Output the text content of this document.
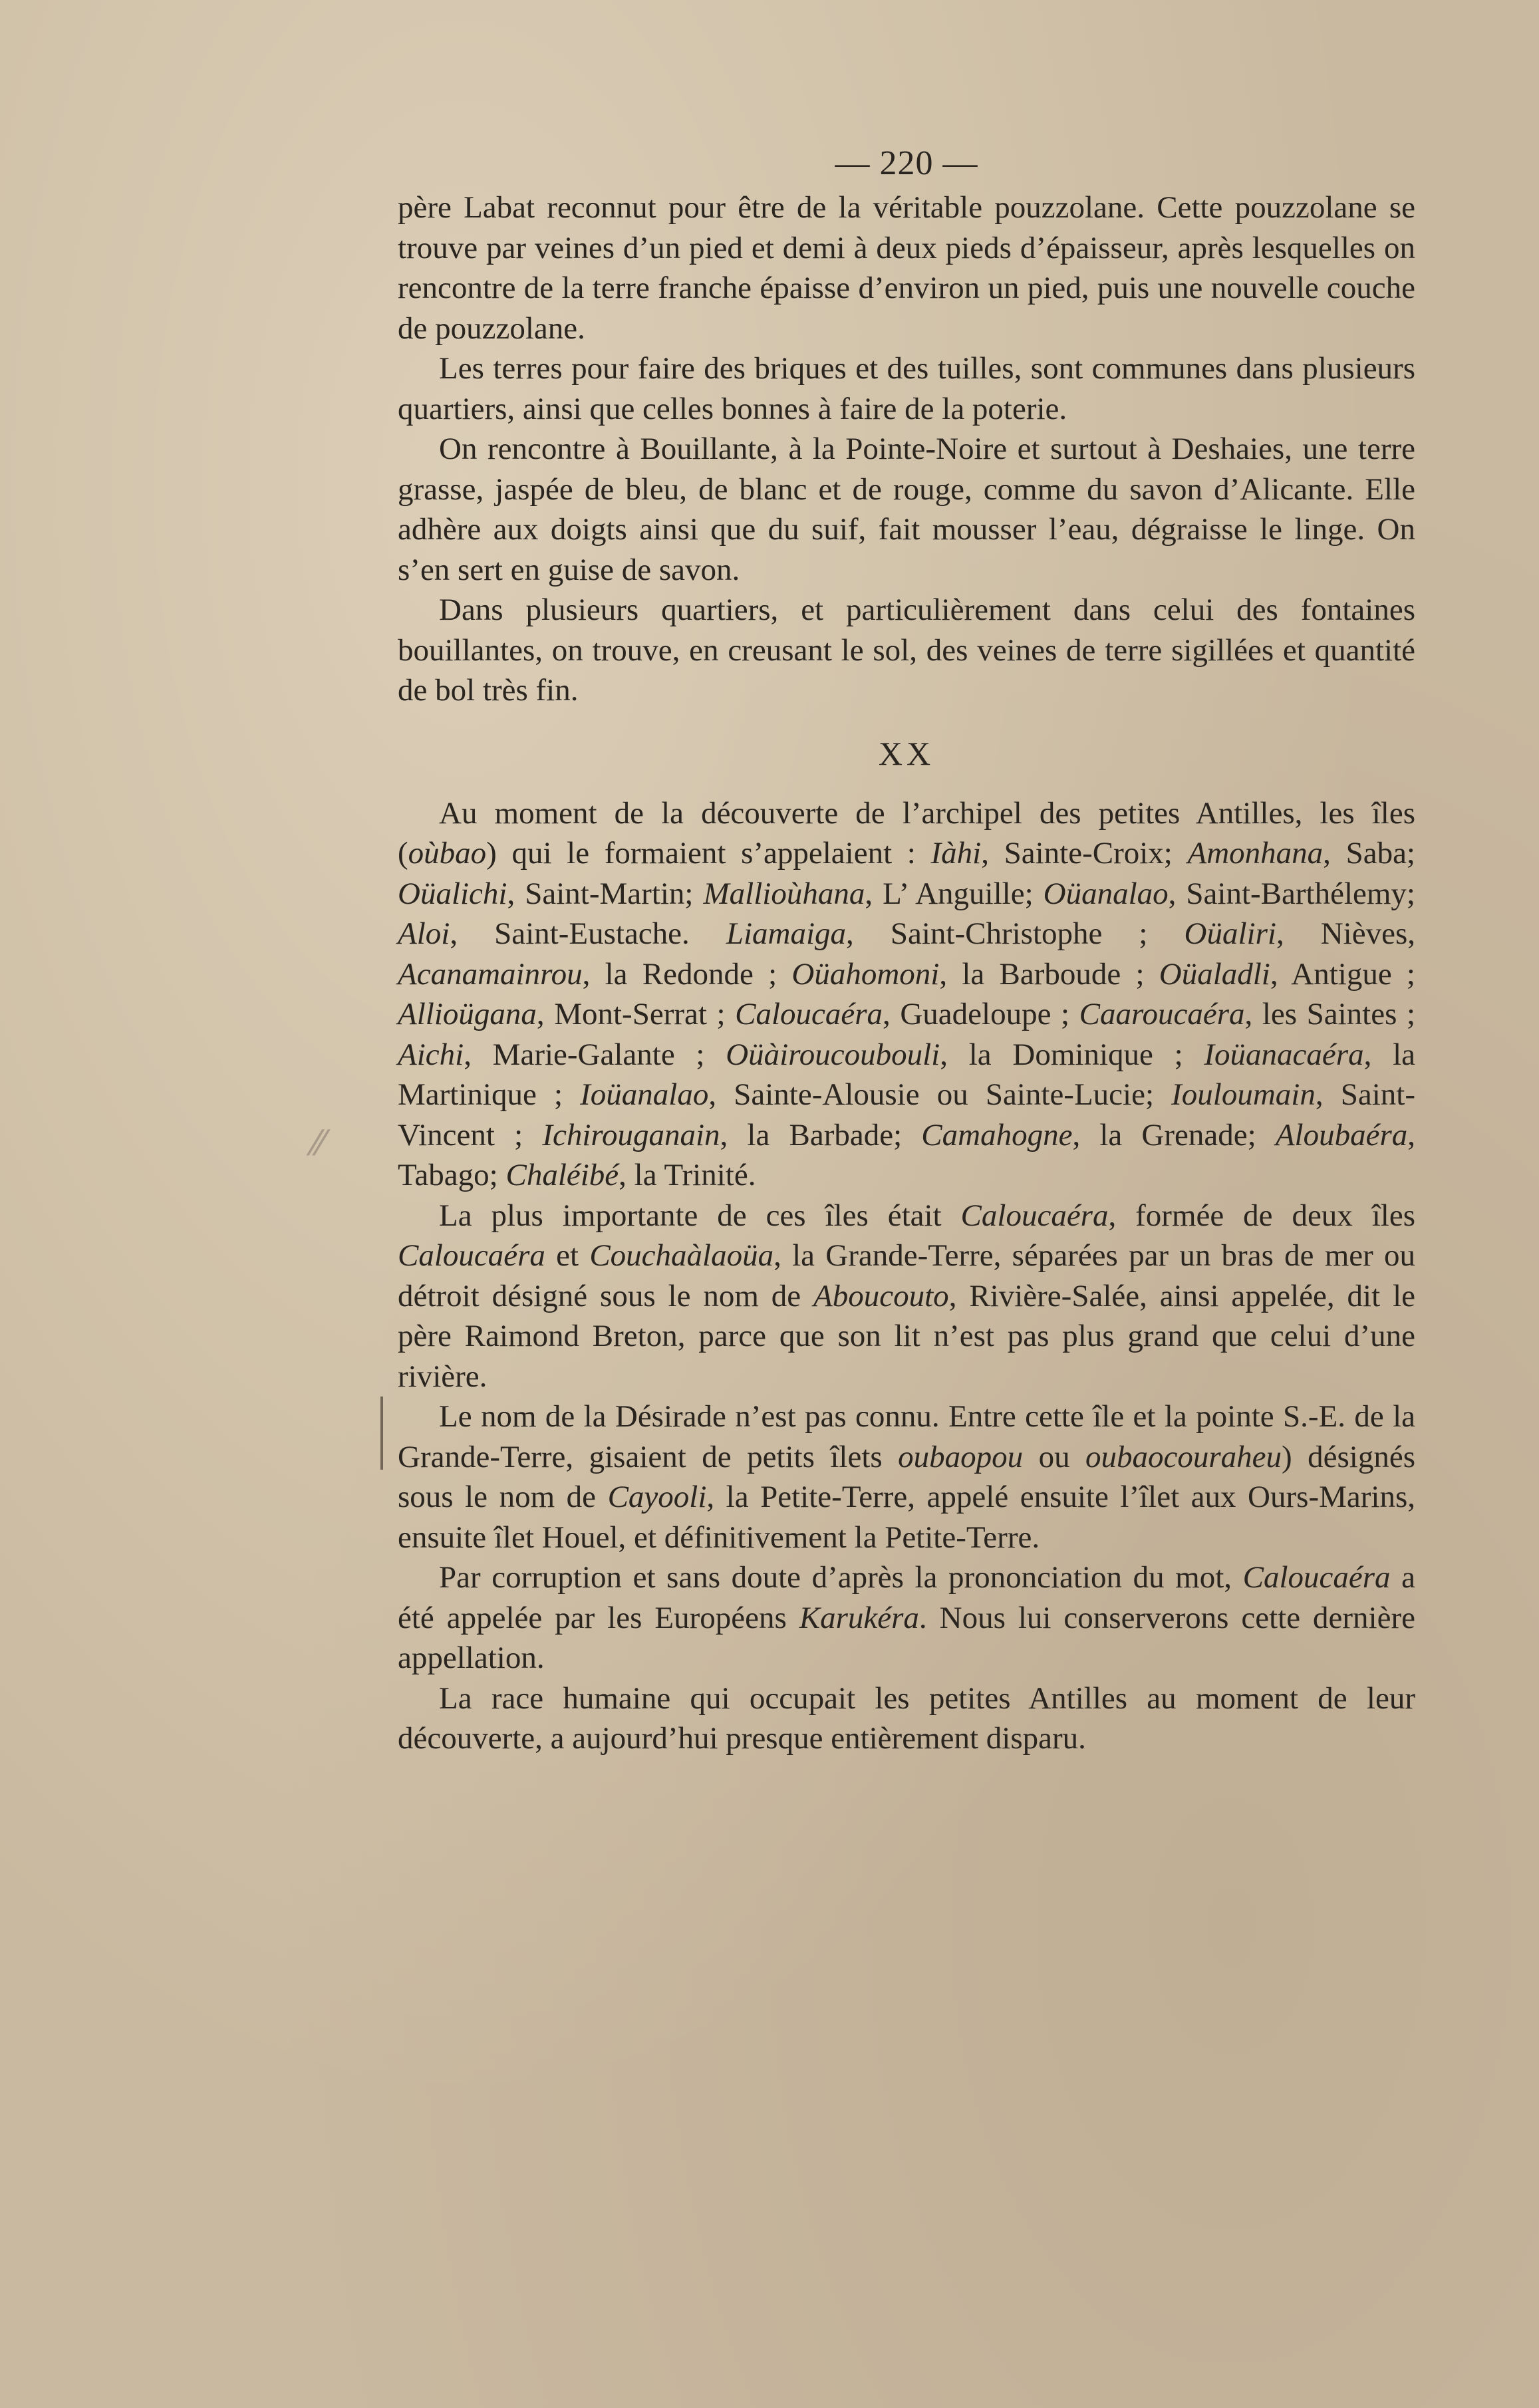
⁄⁄
— 220 —

père Labat reconnut pour être de la véritable pouzzolane. Cette pouzzolane se trouve par veines d’un pied et demi à deux pieds d’épaisseur, après lesquelles on rencontre de la terre franche épaisse d’environ un pied, puis une nouvelle couche de pouzzolane.

Les terres pour faire des briques et des tuilles, sont communes dans plusieurs quartiers, ainsi que celles bonnes à faire de la poterie.

On rencontre à Bouillante, à la Pointe-Noire et surtout à Deshaies, une terre grasse, jaspée de bleu, de blanc et de rouge, comme du savon d’Alicante. Elle adhère aux doigts ainsi que du suif, fait mousser l’eau, dégraisse le linge. On s’en sert en guise de savon.

Dans plusieurs quartiers, et particulièrement dans celui des fontaines bouillantes, on trouve, en creusant le sol, des veines de terre sigillées et quantité de bol très fin.

XX

Au moment de la découverte de l’archipel des petites Antilles, les îles (oùbao) qui le formaient s’appelaient : Iàhi, Sainte-Croix; Amonhana, Saba; Oüalichi, Saint-Martin; Mallioùhana, L’ Anguille; Oüanalao, Saint-Barthélemy; Aloi, Saint-Eustache. Liamaiga, Saint-Christophe ; Oüaliri, Nièves, Acanamainrou, la Redonde ; Oüahomoni, la Barboude ; Oüaladli, Antigue ; Allioügana, Mont-Serrat ; Caloucaéra, Guadeloupe ; Caaroucaéra, les Saintes ; Aichi, Marie-Galante ; Oüàiroucoubouli, la Dominique ; Ioüanacaéra, la Martinique ; Ioüanalao, Sainte-Alousie ou Sainte-Lucie; Iouloumain, Saint-Vincent ; Ichirouganain, la Barbade; Camahogne, la Grenade; Aloubaéra, Tabago; Chaléibé, la Trinité.

La plus importante de ces îles était Caloucaéra, formée de deux îles Caloucaéra et Couchaàlaoüa, la Grande-Terre, séparées par un bras de mer ou détroit désigné sous le nom de Aboucouto, Rivière-Salée, ainsi appelée, dit le père Raimond Breton, parce que son lit n’est pas plus grand que celui d’une rivière.

Le nom de la Désirade n’est pas connu. Entre cette île et la pointe S.-E. de la Grande-Terre, gisaient de petits îlets oubaopou ou oubaocouraheu) désignés sous le nom de Cayooli, la Petite-Terre, appelé ensuite l’îlet aux Ours-Marins, ensuite îlet Houel, et définitivement la Petite-Terre.

Par corruption et sans doute d’après la prononciation du mot, Caloucaéra a été appelée par les Européens Karukéra. Nous lui conserverons cette dernière appellation.

La race humaine qui occupait les petites Antilles au moment de leur découverte, a aujourd’hui presque entièrement disparu.
